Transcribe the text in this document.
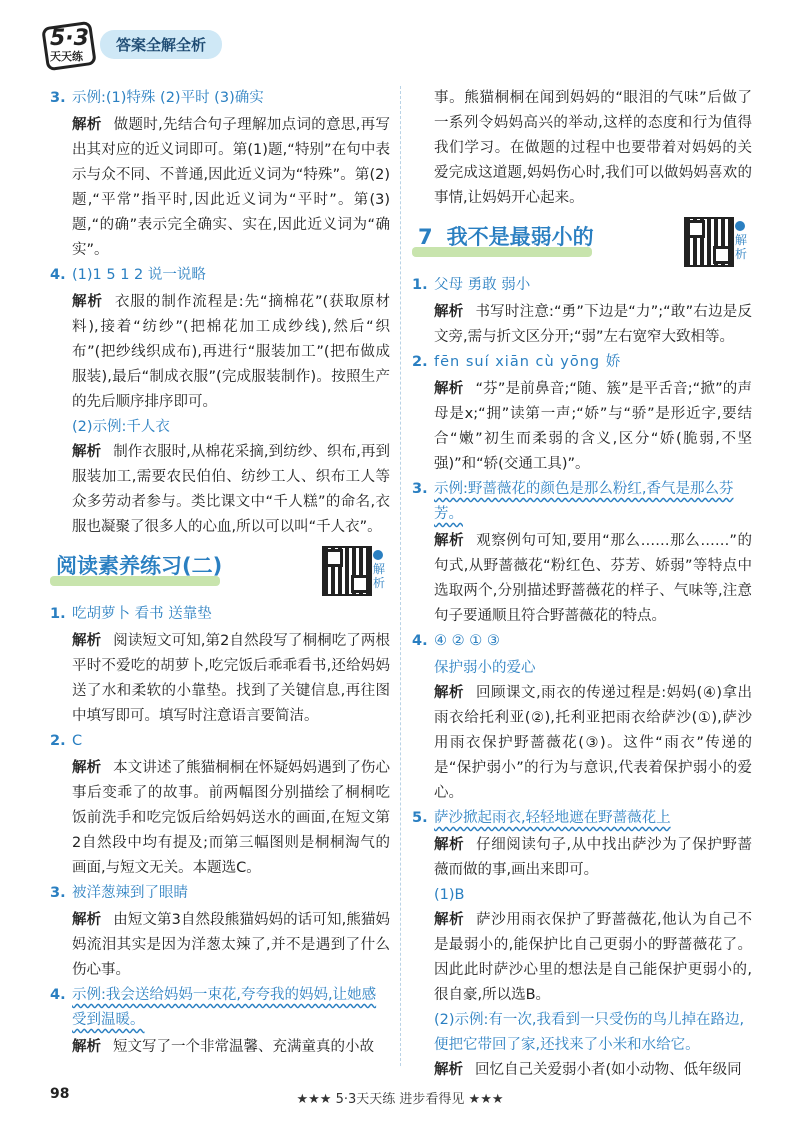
5·3
天天练
答案全解全析
3. 示例:(1)特殊 (2)平时 (3)确实
解析 做题时,先结合句子理解加点词的意思,再写出其对应的近义词即可。第(1)题,“特别”在句中表示与众不同、不普通,因此近义词为“特殊”。第(2)题,“平常”指平时,因此近义词为“平时”。第(3)题,“的确”表示完全确实、实在,因此近义词为“确实”。
4. (1)1 5 1 2 说一说略
解析 衣服的制作流程是:先“摘棉花”(获取原材料),接着“纺纱”(把棉花加工成纱线),然后“织布”(把纱线织成布),再进行“服装加工”(把布做成服装),最后“制成衣服”(完成服装制作)。按照生产的先后顺序排序即可。
(2)示例:千人衣
解析 制作衣服时,从棉花采摘,到纺纱、织布,再到服装加工,需要农民伯伯、纺纱工人、织布工人等众多劳动者参与。类比课文中“千人糕”的命名,衣服也凝聚了很多人的心血,所以可以叫“千人衣”。
阅读素养练习(二)	解析
1. 吃胡萝卜 看书 送靠垫
解析 阅读短文可知,第2自然段写了桐桐吃了两根平时不爱吃的胡萝卜,吃完饭后乖乖看书,还给妈妈送了水和柔软的小靠垫。找到了关键信息,再往图中填写即可。填写时注意语言要简洁。
2. C
解析 本文讲述了熊猫桐桐在怀疑妈妈遇到了伤心事后变乖了的故事。前两幅图分别描绘了桐桐吃饭前洗手和吃完饭后给妈妈送水的画面,在短文第2自然段中均有提及;而第三幅图则是桐桐淘气的画面,与短文无关。本题选C。
3. 被洋葱辣到了眼睛
解析 由短文第3自然段熊猫妈妈的话可知,熊猫妈妈流泪其实是因为洋葱太辣了,并不是遇到了什么伤心事。
4. 示例:我会送给妈妈一束花,夸夸我的妈妈,让她感受到温暖。
解析 短文写了一个非常温馨、充满童真的小故
事。熊猫桐桐在闻到妈妈的“眼泪的气味”后做了一系列令妈妈高兴的举动,这样的态度和行为值得我们学习。在做题的过程中也要带着对妈妈的关爱完成这道题,妈妈伤心时,我们可以做妈妈喜欢的事情,让妈妈开心起来。
7 我不是最弱小的	解析
1. 父母 勇敢 弱小
解析 书写时注意:“勇”下边是“力”;“敢”右边是反文旁,需与折文区分开;“弱”左右宽窄大致相等。
2. fēn suí xiān cù yōng 娇
解析 “芬”是前鼻音;“随、簇”是平舌音;“掀”的声母是x;“拥”读第一声;“娇”与“骄”是形近字,要结合“嫩”初生而柔弱的含义,区分“娇(脆弱,不坚强)”和“轿(交通工具)”。
3. 示例:野蔷薇花的颜色是那么粉红,香气是那么芬芳。
解析 观察例句可知,要用“那么……那么……”的句式,从野蔷薇花“粉红色、芬芳、娇弱”等特点中选取两个,分别描述野蔷薇花的样子、气味等,注意句子要通顺且符合野蔷薇花的特点。
4. ④ ② ① ③
保护弱小的爱心
解析 回顾课文,雨衣的传递过程是:妈妈(④)拿出雨衣给托利亚(②),托利亚把雨衣给萨沙(①),萨沙用雨衣保护野蔷薇花(③)。这件“雨衣”传递的是“保护弱小”的行为与意识,代表着保护弱小的爱心。
5. 萨沙掀起雨衣,轻轻地遮在野蔷薇花上
解析 仔细阅读句子,从中找出萨沙为了保护野蔷薇而做的事,画出来即可。
(1)B
解析 萨沙用雨衣保护了野蔷薇花,他认为自己不是最弱小的,能保护比自己更弱小的野蔷薇花了。因此此时萨沙心里的想法是自己能保护更弱小的,很自豪,所以选B。
(2)示例:有一次,我看到一只受伤的鸟儿掉在路边,便把它带回了家,还找来了小米和水给它。
解析 回忆自己关爱弱小者(如小动物、低年级同
98	★★★ 5·3天天练 进步看得见 ★★★
